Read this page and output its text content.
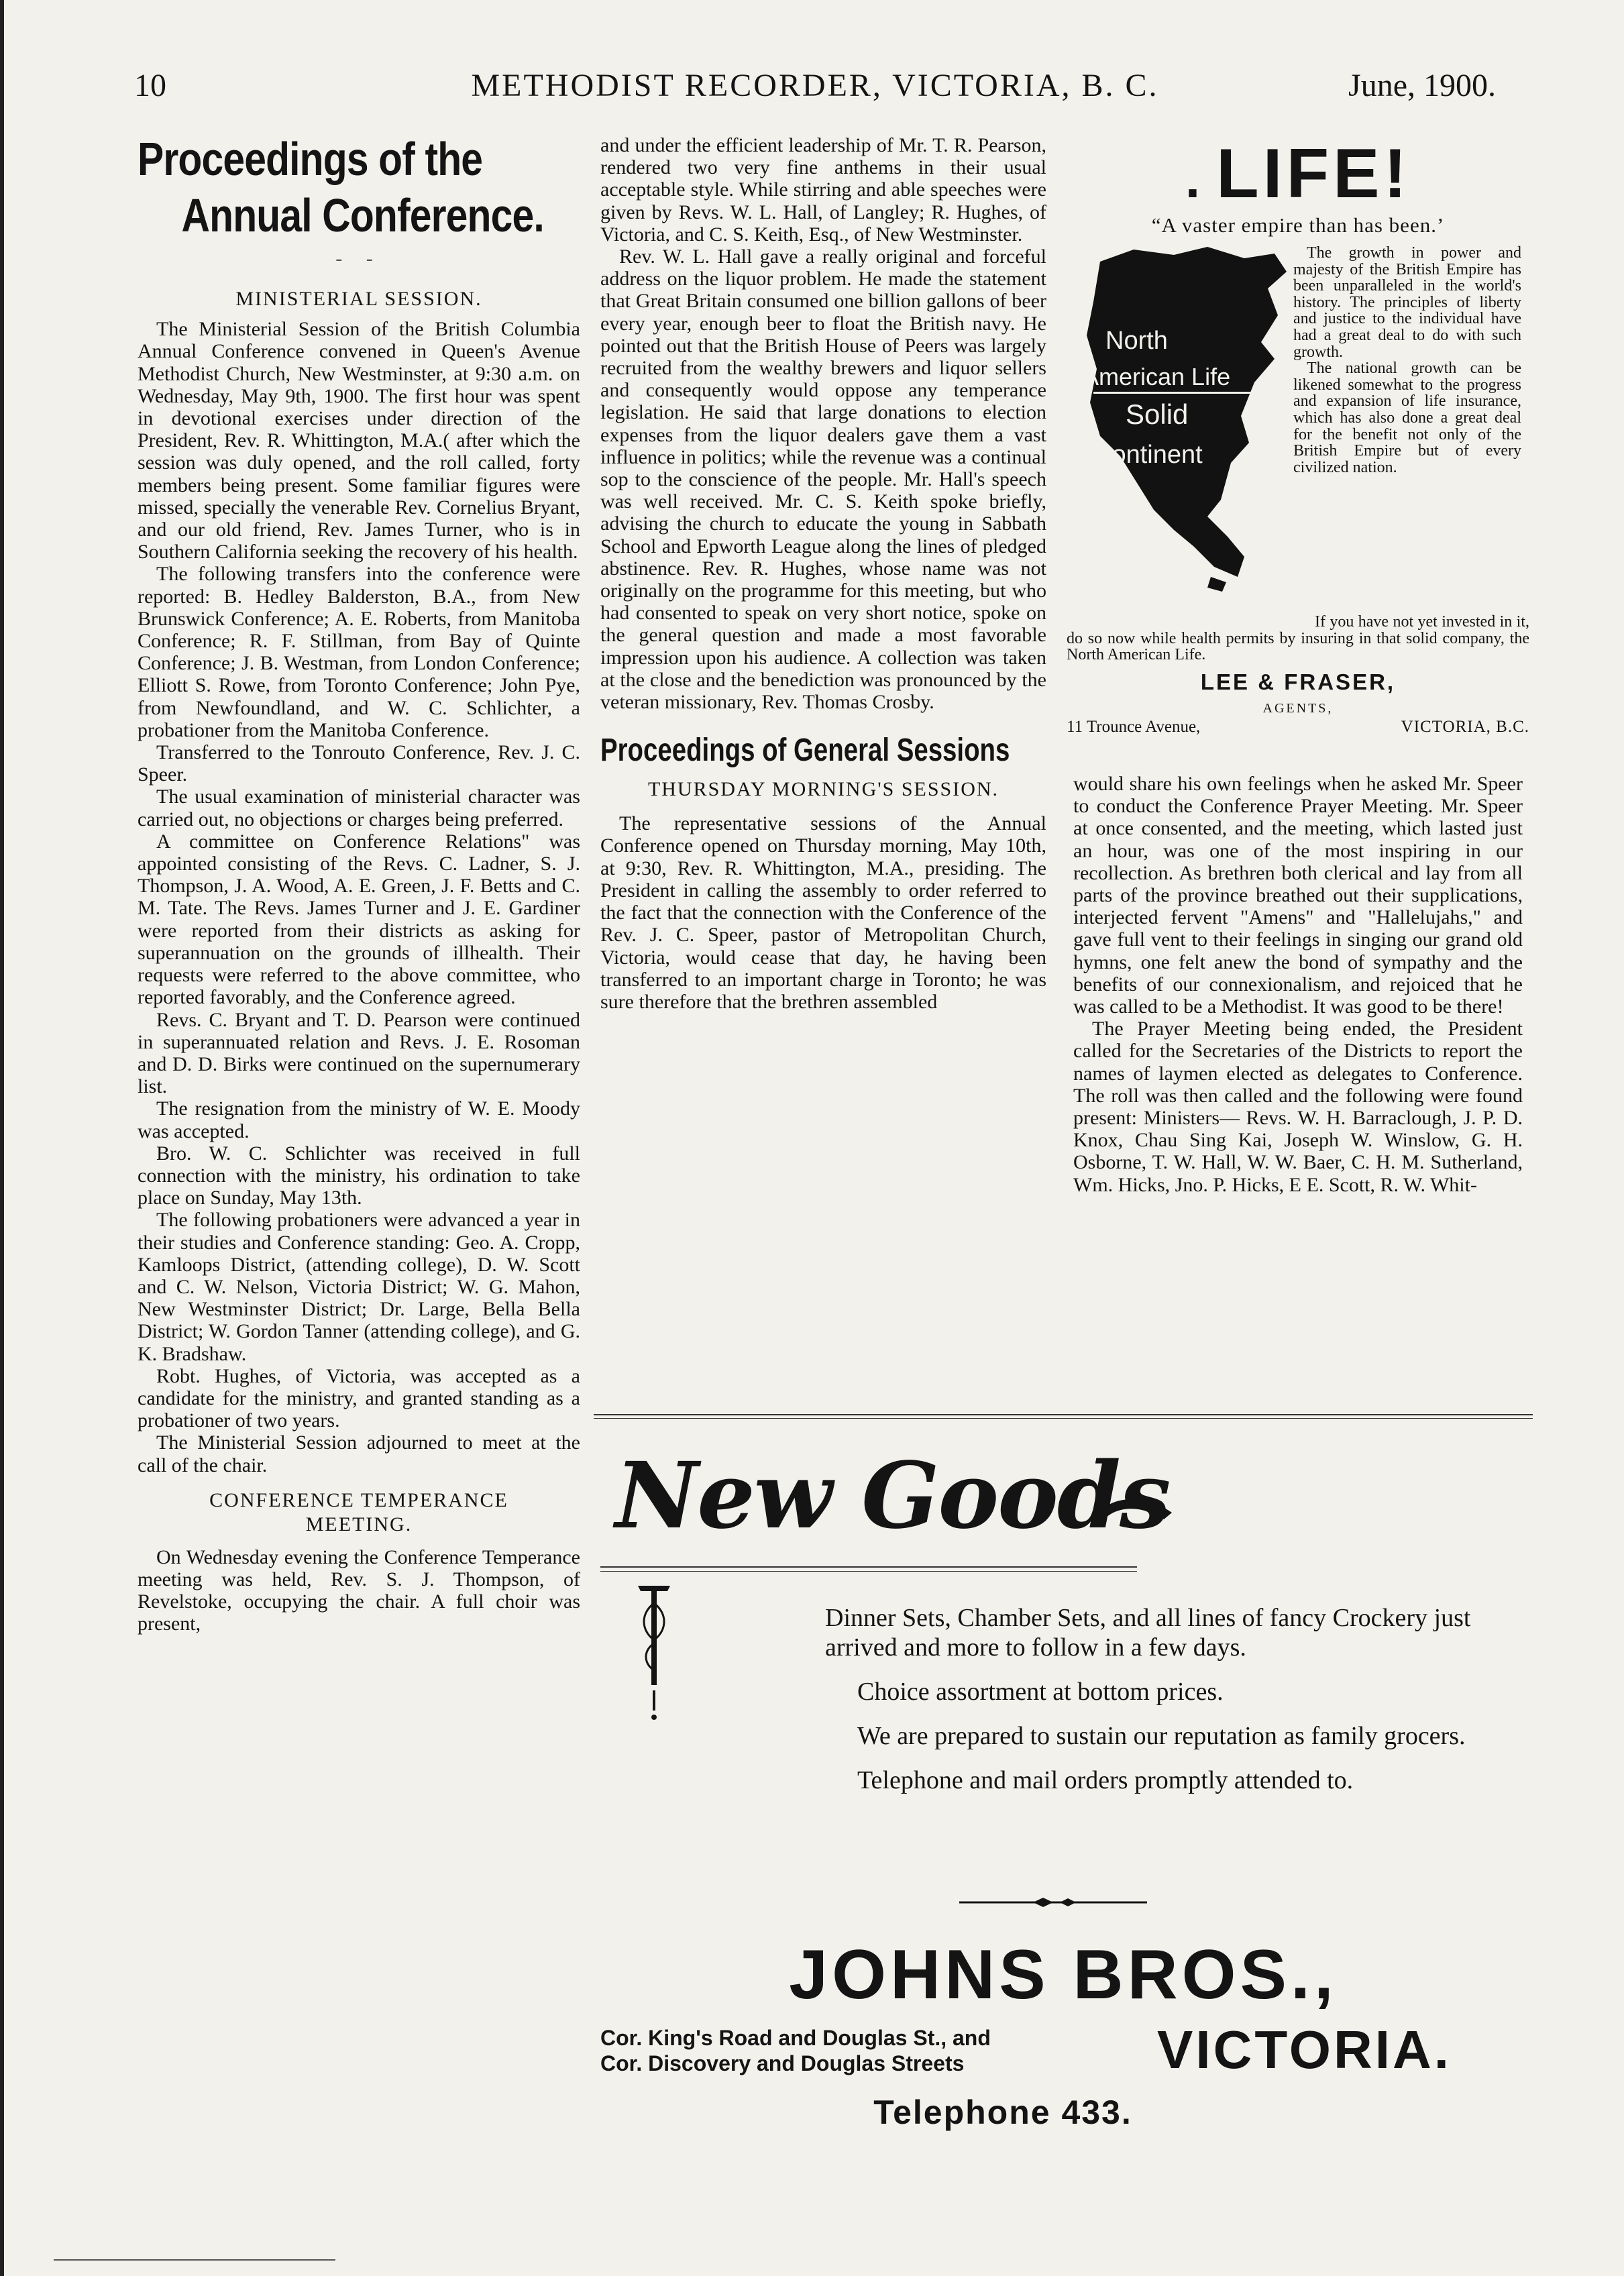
10	METHODIST RECORDER, VICTORIA, B. C.	June, 1900.
Proceedings of the
Annual Conference.
- -
MINISTERIAL SESSION.

The Ministerial Session of the British Columbia Annual Conference convened in Queen's Avenue Methodist Church, New Westminster, at 9:30 a.m. on Wednesday, May 9th, 1900. The first hour was spent in devotional exercises under direction of the President, Rev. R. Whittington, M.A.( after which the session was duly opened, and the roll called, forty members being present. Some familiar figures were missed, specially the venerable Rev. Cornelius Bryant, and our old friend, Rev. James Turner, who is in Southern California seeking the recovery of his health.

The following transfers into the conference were reported: B. Hedley Balderston, B.A., from New Brunswick Conference; A. E. Roberts, from Manitoba Conference; R. F. Stillman, from Bay of Quinte Conference; J. B. Westman, from London Conference; Elliott S. Rowe, from Toronto Conference; John Pye, from Newfoundland, and W. C. Schlichter, a probationer from the Manitoba Conference.

Transferred to the Tonrouto Conference, Rev. J. C. Speer.

The usual examination of ministerial character was carried out, no objections or charges being preferred.

A committee on Conference Relations" was appointed consisting of the Revs. C. Ladner, S. J. Thompson, J. A. Wood, A. E. Green, J. F. Betts and C. M. Tate. The Revs. James Turner and J. E. Gardiner were reported from their districts as asking for superannuation on the grounds of illhealth. Their requests were referred to the above committee, who reported favorably, and the Conference agreed.

Revs. C. Bryant and T. D. Pearson were continued in superannuated relation and Revs. J. E. Rosoman and D. D. Birks were continued on the supernumerary list.

The resignation from the ministry of W. E. Moody was accepted.

Bro. W. C. Schlichter was received in full connection with the ministry, his ordination to take place on Sunday, May 13th.

The following probationers were advanced a year in their studies and Conference standing: Geo. A. Cropp, Kamloops District, (attending college), D. W. Scott and C. W. Nelson, Victoria District; W. G. Mahon, New Westminster District; Dr. Large, Bella Bella District; W. Gordon Tanner (attending college), and G. K. Bradshaw.

Robt. Hughes, of Victoria, was accepted as a candidate for the ministry, and granted standing as a probationer of two years.

The Ministerial Session adjourned to meet at the call of the chair.

CONFERENCE TEMPERANCE
MEETING.

On Wednesday evening the Conference Temperance meeting was held, Rev. S. J. Thompson, of Revelstoke, occupying the chair. A full choir was present,

and under the efficient leadership of Mr. T. R. Pearson, rendered two very fine anthems in their usual acceptable style. While stirring and able speeches were given by Revs. W. L. Hall, of Langley; R. Hughes, of Victoria, and C. S. Keith, Esq., of New Westminster.

Rev. W. L. Hall gave a really original and forceful address on the liquor problem. He made the statement that Great Britain consumed one billion gallons of beer every year, enough beer to float the British navy. He pointed out that the British House of Peers was largely recruited from the wealthy brewers and liquor sellers and consequently would oppose any temperance legislation. He said that large donations to election expenses from the liquor dealers gave them a vast influence in politics; while the revenue was a continual sop to the conscience of the people. Mr. Hall's speech was well received. Mr. C. S. Keith spoke briefly, advising the church to educate the young in Sabbath School and Epworth League along the lines of pledged abstinence. Rev. R. Hughes, whose name was not originally on the programme for this meeting, but who had consented to speak on very short notice, spoke on the general question and made a most favorable impression upon his audience. A collection was taken at the close and the benediction was pronounced by the veteran missionary, Rev. Thomas Crosby.

Proceedings of General Sessions
THURSDAY MORNING'S SESSION.

The representative sessions of the Annual Conference opened on Thursday morning, May 10th, at 9:30, Rev. R. Whittington, M.A., presiding. The President in calling the assembly to order referred to the fact that the connection with the Conference of the Rev. J. C. Speer, pastor of Metropolitan Church, Victoria, would cease that day, he having been transferred to an important charge in Toronto; he was sure therefore that the brethren assembled

. LIFE!
“A vaster empire than has been.’
North
American Life
Solid
Continent

The growth in power and majesty of the British Empire has been unparalleled in the world's history. The principles of liberty and justice to the individual have had a great deal to do with such growth.

The national growth can be likened somewhat to the progress and expansion of life insurance, which has also done a great deal for the benefit not only of the British Empire but of every civilized nation.

If you have not yet invested in it, do so now while health permits by insuring in that solid company, the North American Life.
LEE & FRASER,
AGENTS,
11 Trounce Avenue,	VICTORIA, B.C.

would share his own feelings when he asked Mr. Speer to conduct the Conference Prayer Meeting. Mr. Speer at once consented, and the meeting, which lasted just an hour, was one of the most inspiring in our recollection. As brethren both clerical and lay from all parts of the province breathed out their supplications, interjected fervent "Amens" and "Hallelujahs," and gave full vent to their feelings in singing our grand old hymns, one felt anew the bond of sympathy and the benefits of our connexionalism, and rejoiced that he was called to be a Methodist. It was good to be there!

The Prayer Meeting being ended, the President called for the Secretaries of the Districts to report the names of laymen elected as delegates to Conference. The roll was then called and the following were found present: Ministers— Revs. W. H. Barraclough, J. P. D. Knox, Chau Sing Kai, Joseph W. Winslow, G. H. Osborne, T. W. Hall, W. W. Baer, C. H. M. Sutherland, Wm. Hicks, Jno. P. Hicks, E E. Scott, R. W. Whit-

New Goods

Dinner Sets, Chamber Sets, and all lines of fancy Crockery just arrived and more to follow in a few days.

Choice assortment at bottom prices.

We are prepared to sustain our reputation as family grocers.

Telephone and mail orders promptly attended to.

JOHNS BROS.,
Cor. King's Road and Douglas St., and
Cor. Discovery and Douglas Streets	VICTORIA.
Telephone 433.
